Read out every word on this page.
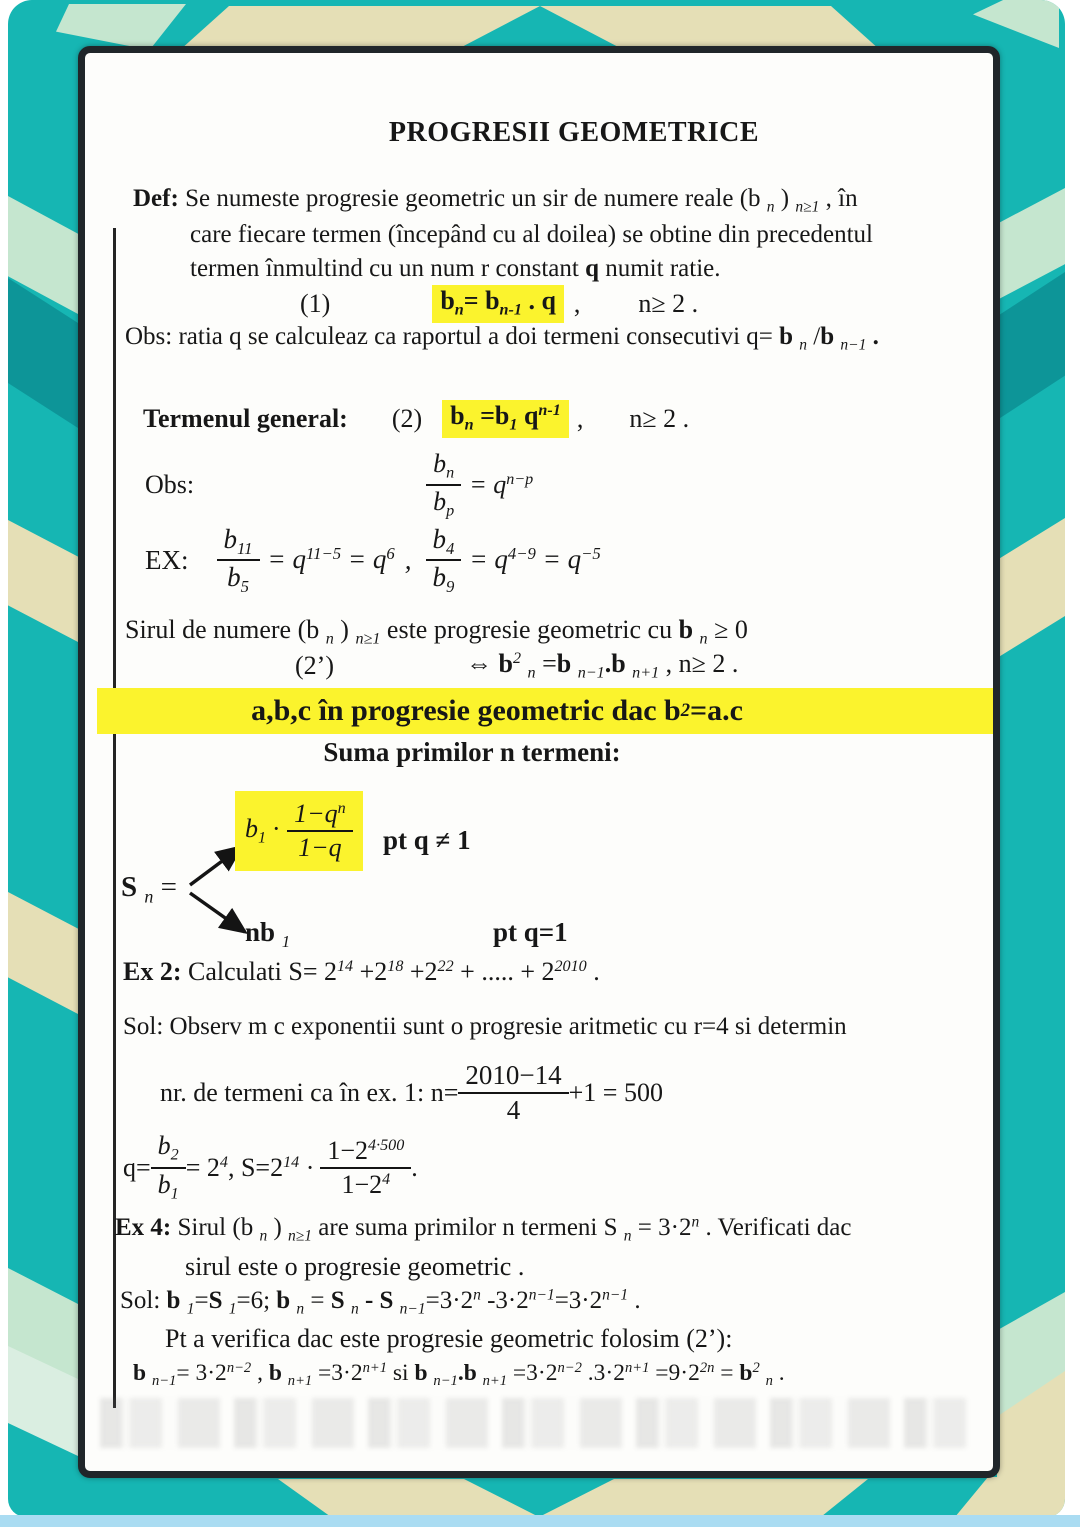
PROGRESII GEOMETRICE
Def: Se numeste progresie geometric un sir de numere reale (b $_n$ ) $_{n\ge 1}$ , în
care fiecare termen (începând cu al doilea) se obtine din precedentul
termen înmultind cu un num r constant q numit ratie.
(1)	$b_n= b_{n-1}$ . q , n≥ 2 .
Obs: ratia q se calculeaz ca raportul a doi termeni consecutivi q= b $_n$ /b $_{n-1}$ .
Termenul general: (2)	$b_n =b_1$ $q^{n-1}$ , n≥ 2 .
Obs:	$\frac{b_n}{b_p} = q^{n-p}$
EX: $\frac{b_{11}}{b_5} = q^{11-5} = q^6$ , $\frac{b_4}{b_9} = q^{4-9} = q^{-5}$
Sirul de numere (b $_n$ ) $_{n\ge 1}$ este progresie geometric cu b $_n$ ≥ 0
(2’)	⇔ $b^2$ $_n$ =b $_{n-1}$.b $_{n+1}$ , n≥ 2 .
a,b,c în progresie geometric dac b 2 =a.c
Suma primilor n termeni:
S $_n$ =
$b_1 \cdot \frac{1-q^n}{1-q}$ pt q ≠ 1
nb $_1$	pt q=1
Ex 2: Calculati $S= 2^{14} +2^{18} +2^{22}$ + ..... + $2^{2010}$ .
Sol: Observ m c exponentii sunt o progresie aritmetic cu r=4 si determin
nr. de termeni ca în ex. 1: $n= \frac{2010-14}{4} +1 = 500$
$q= \frac{b_2}{b_1} = 2^4$, $S=2^{14} \cdot \frac{1-2^{4\cdot 500}}{1-2^4}$ .
Ex 4: Sirul (b $_n$ ) $_{n\ge 1}$ are suma primilor n termeni S $_n = 3\cdot 2^n$ . Verificati dac
sirul este o progresie geometric .
Sol: b $_1$=S $_1$=6; b $_n$ = S $_n$ - S $_{n-1}=3\cdot 2^n$ $-3\cdot 2^{n-1}=3\cdot 2^{n-1}$ .
Pt a verifica dac este progresie geometric folosim (2’):
b $_{n-1}= 3\cdot 2^{n-2}$ , b $_{n+1} =3\cdot 2^{n+1}$ si b $_{n-1}$.b $_{n+1} =3\cdot 2^{n-2}$ $.3\cdot 2^{n+1} =9\cdot 2^{2n} = b^2$ $_n$ .
